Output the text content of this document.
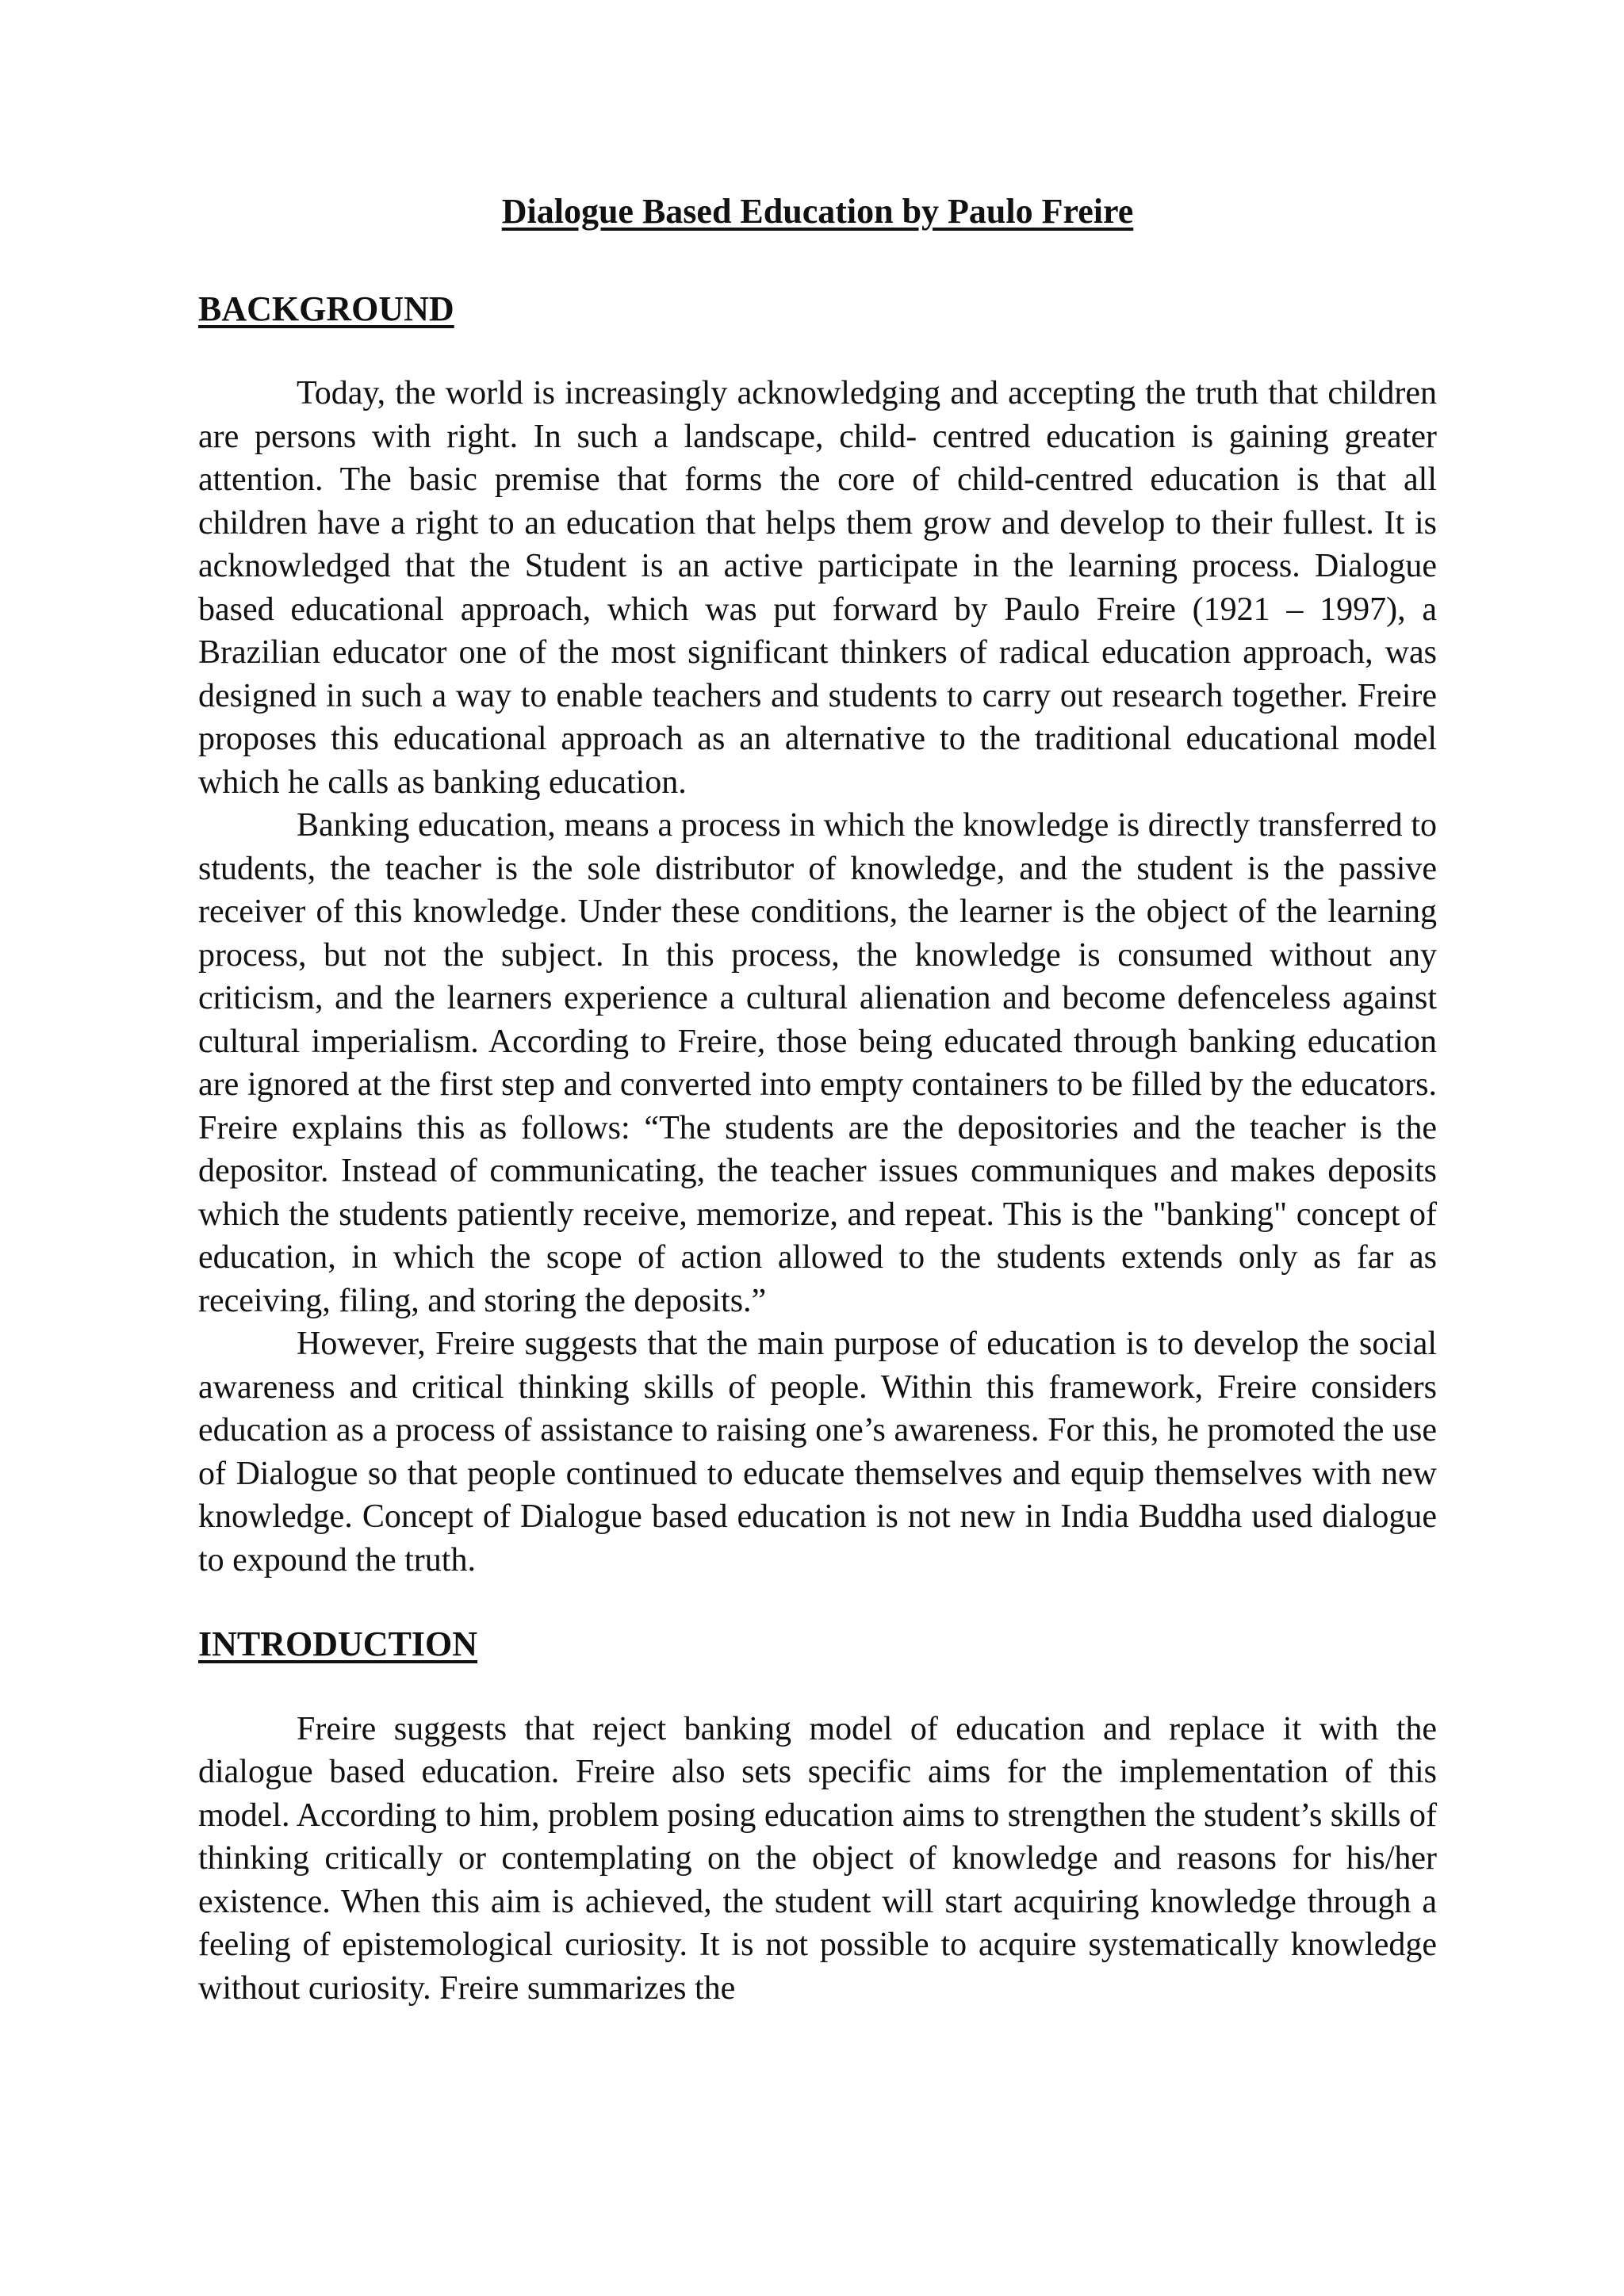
Dialogue Based Education by Paulo Freire
BACKGROUND

Today, the world is increasingly acknowledging and accepting the truth that children are persons with right. In such a landscape, child- centred education is gaining greater attention. The basic premise that forms the core of child-centred education is that all children have a right to an education that helps them grow and develop to their fullest. It is acknowledged that the Student is an active participate in the learning process. Dialogue based educational approach, which was put forward by Paulo Freire (1921 – 1997), a Brazilian educator one of the most significant thinkers of radical education approach, was designed in such a way to enable teachers and students to carry out research together. Freire proposes this educational approach as an alternative to the traditional educational model which he calls as banking education.

Banking education, means a process in which the knowledge is directly transferred to students, the teacher is the sole distributor of knowledge, and the student is the passive receiver of this knowledge. Under these conditions, the learner is the object of the learning process, but not the subject. In this process, the knowledge is consumed without any criticism, and the learners experience a cultural alienation and become defenceless against cultural imperialism. According to Freire, those being educated through banking education are ignored at the first step and converted into empty containers to be filled by the educators. Freire explains this as follows: “The students are the depositories and the teacher is the depositor. Instead of communicating, the teacher issues communiques and makes deposits which the students patiently receive, memorize, and repeat. This is the "banking" concept of education, in which the scope of action allowed to the students extends only as far as receiving, filing, and storing the deposits.”

However, Freire suggests that the main purpose of education is to develop the social awareness and critical thinking skills of people. Within this framework, Freire considers education as a process of assistance to raising one’s awareness. For this, he promoted the use of Dialogue so that people continued to educate themselves and equip themselves with new knowledge. Concept of Dialogue based education is not new in India Buddha used dialogue to expound the truth.

INTRODUCTION

Freire suggests that reject banking model of education and replace it with the dialogue based education. Freire also sets specific aims for the implementation of this model. According to him, problem posing education aims to strengthen the student’s skills of thinking critically or contemplating on the object of knowledge and reasons for his/her existence. When this aim is achieved, the student will start acquiring knowledge through a feeling of epistemological curiosity. It is not possible to acquire systematically knowledge without curiosity. Freire summarizes the
